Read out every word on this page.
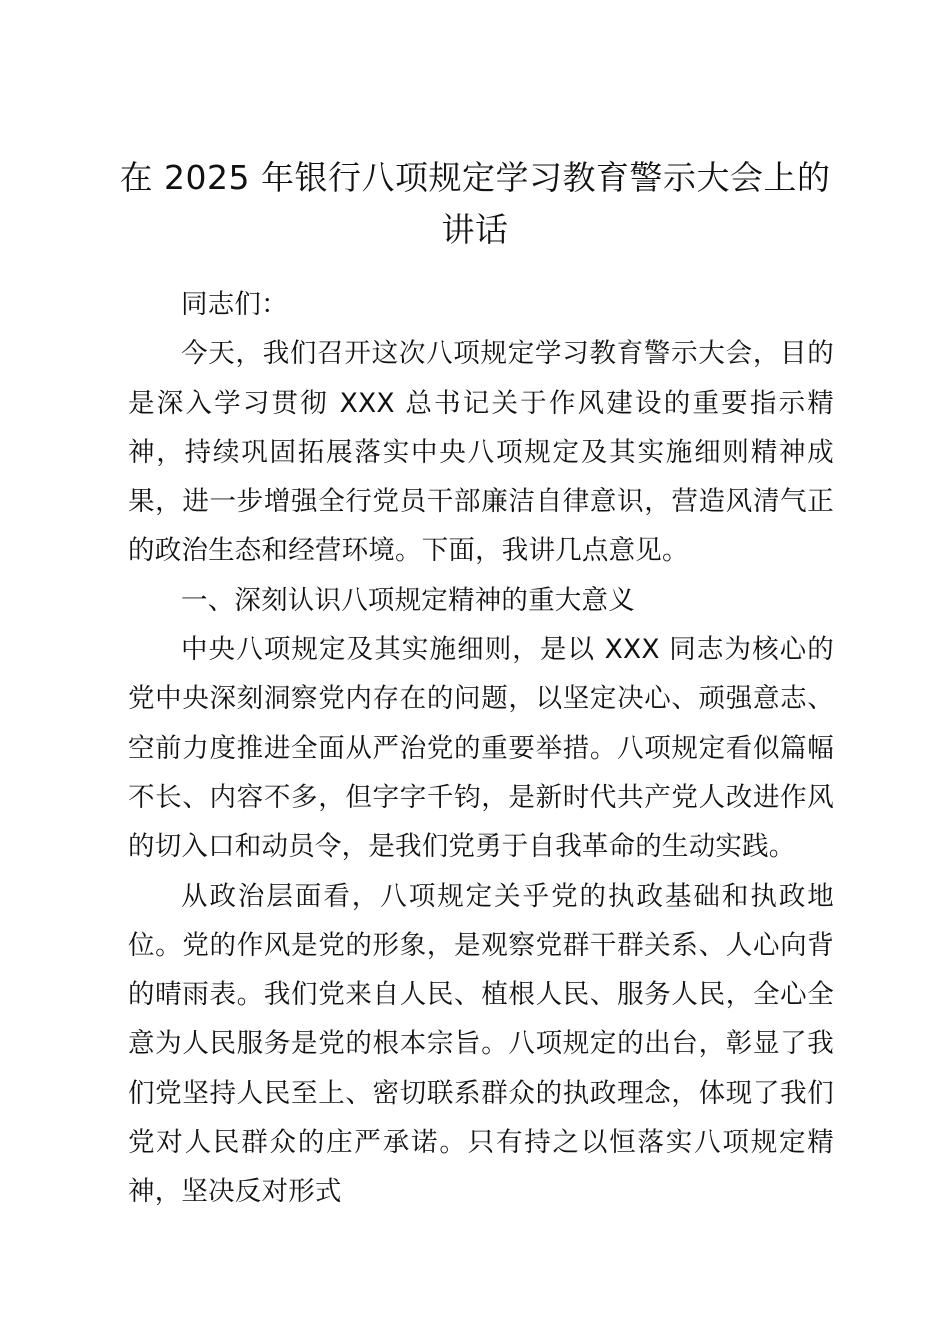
在 2025 年银行八项规定学习教育警示大会上的讲话

同志们：

今天，我们召开这次八项规定学习教育警示大会，目的是深入学习贯彻 XXX 总书记关于作风建设的重要指示精神，持续巩固拓展落实中央八项规定及其实施细则精神成果，进一步增强全行党员干部廉洁自律意识，营造风清气正的政治生态和经营环境。下面，我讲几点意见。

一、深刻认识八项规定精神的重大意义

中央八项规定及其实施细则，是以 XXX 同志为核心的党中央深刻洞察党内存在的问题，以坚定决心、顽强意志、空前力度推进全面从严治党的重要举措。八项规定看似篇幅不长、内容不多，但字字千钧，是新时代共产党人改进作风的切入口和动员令，是我们党勇于自我革命的生动实践。

从政治层面看，八项规定关乎党的执政基础和执政地位。党的作风是党的形象，是观察党群干群关系、人心向背的晴雨表。我们党来自人民、植根人民、服务人民，全心全意为人民服务是党的根本宗旨。八项规定的出台，彰显了我们党坚持人民至上、密切联系群众的执政理念，体现了我们党对人民群众的庄严承诺。只有持之以恒落实八项规定精神，坚决反对形式
